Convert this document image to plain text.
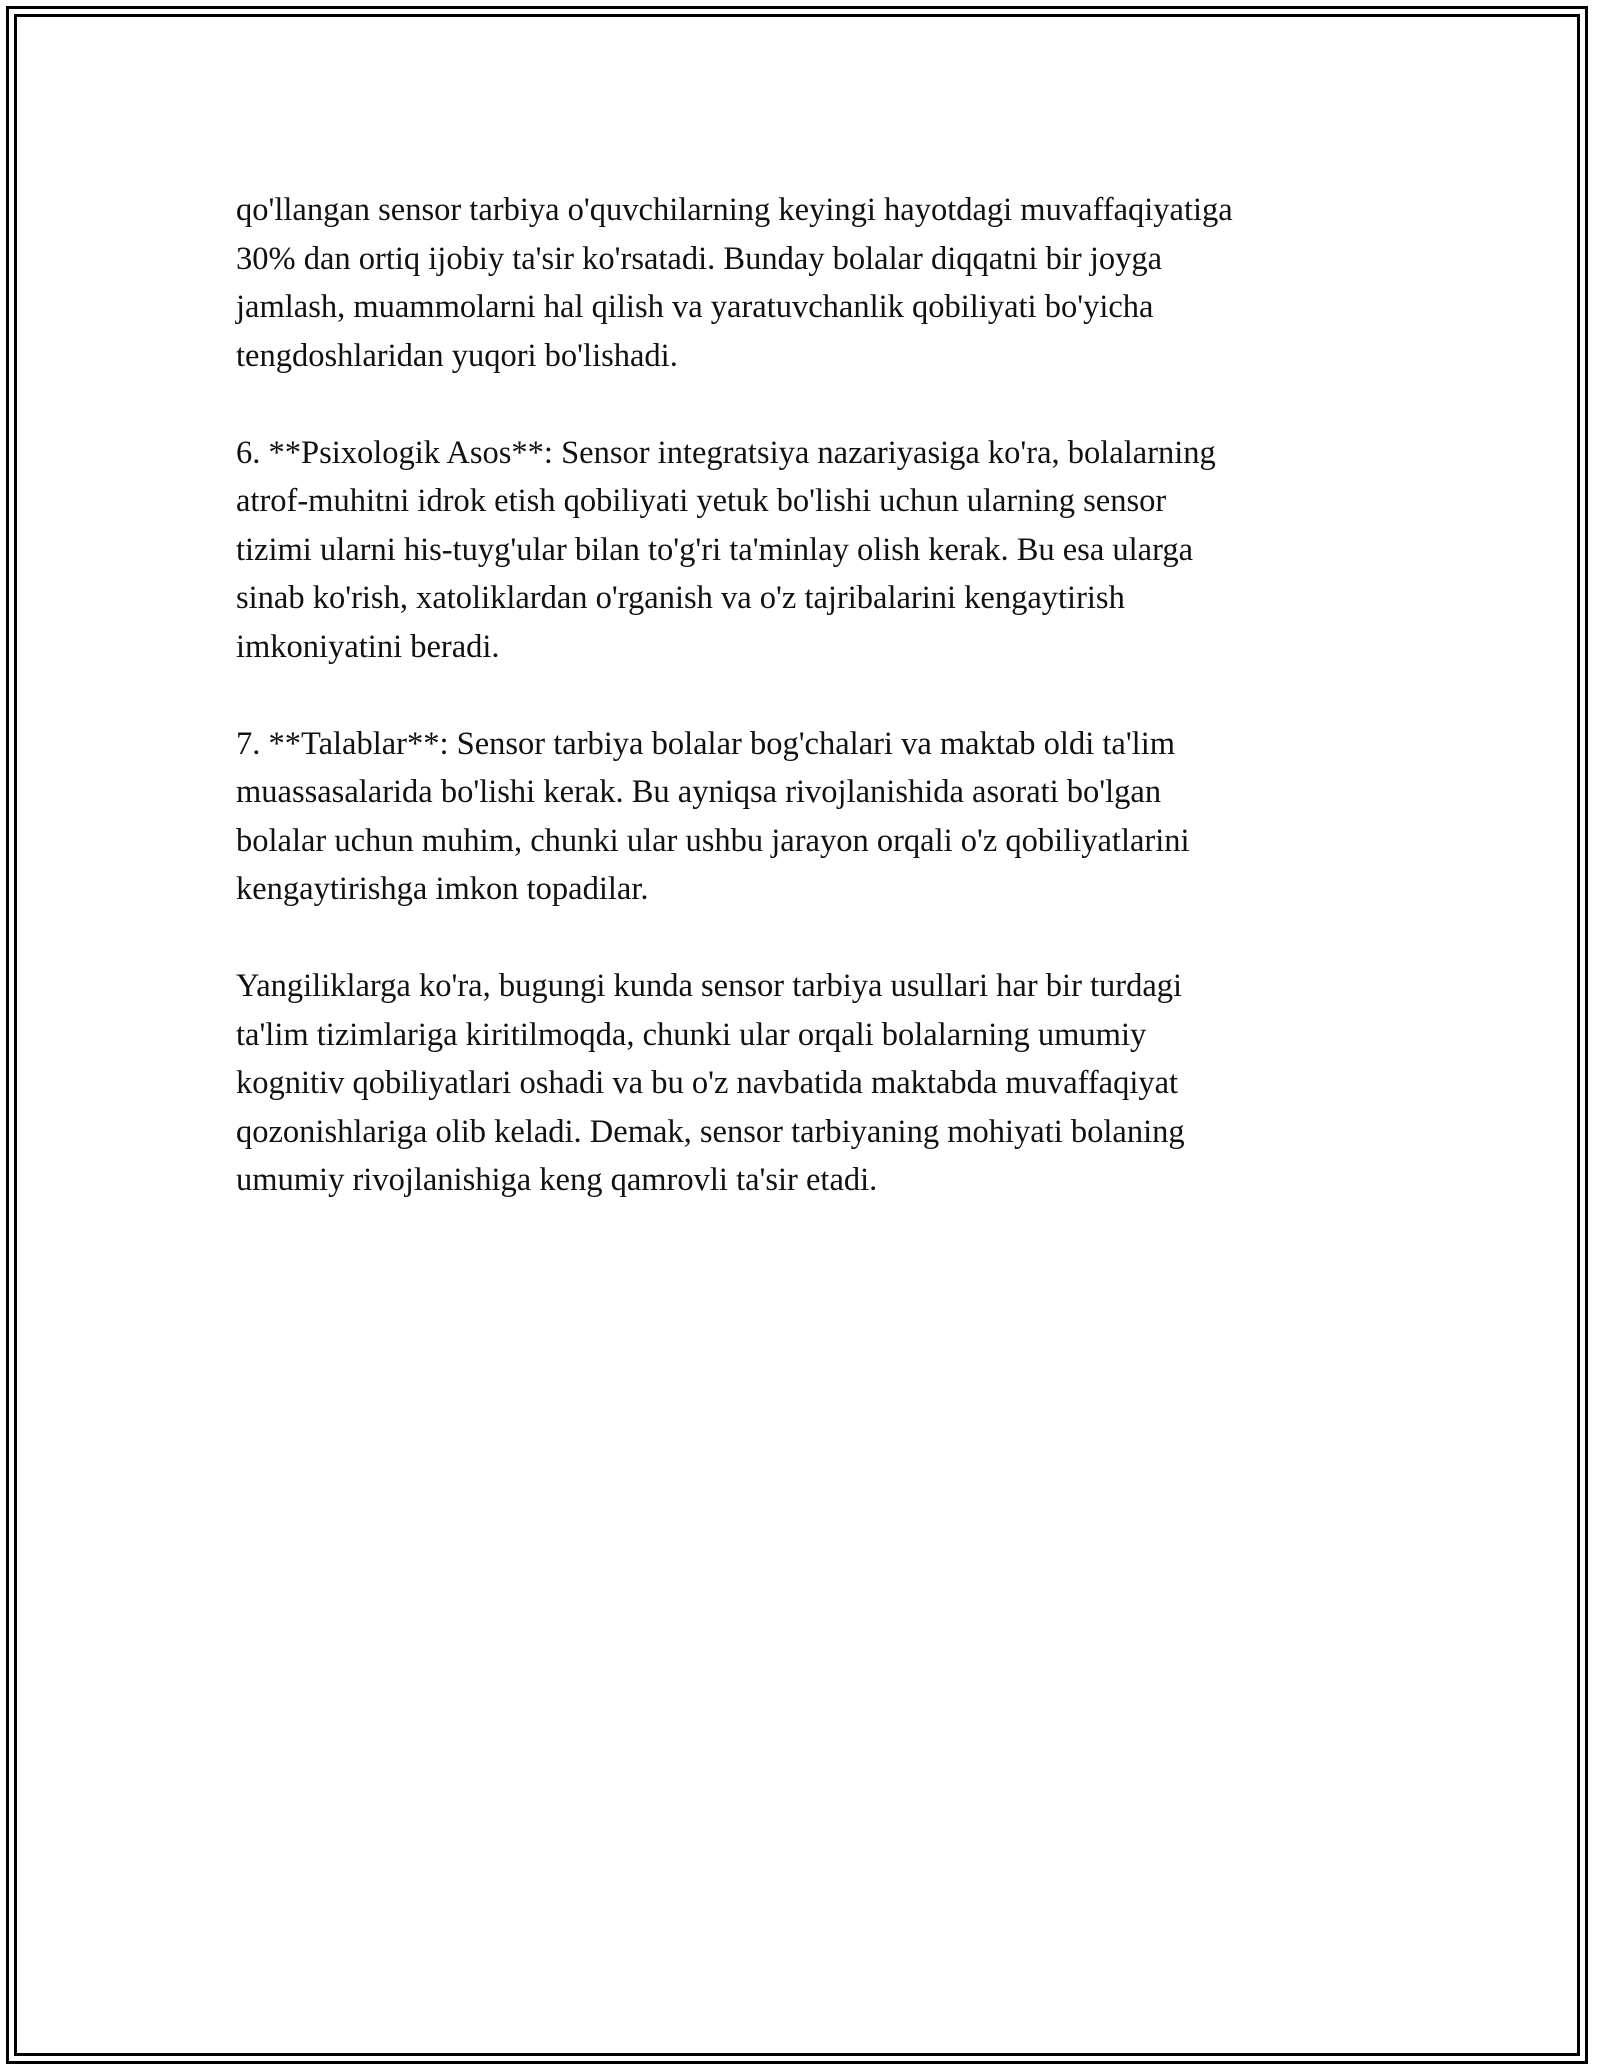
qo'llangan sensor tarbiya o'quvchilarning keyingi hayotdagi muvaffaqiyatiga
30% dan ortiq ijobiy ta'sir ko'rsatadi. Bunday bolalar diqqatni bir joyga
jamlash, muammolarni hal qilish va yaratuvchanlik qobiliyati bo'yicha
tengdoshlaridan yuqori bo'lishadi.

6. **Psixologik Asos**: Sensor integratsiya nazariyasiga ko'ra, bolalarning
atrof-muhitni idrok etish qobiliyati yetuk bo'lishi uchun ularning sensor
tizimi ularni his-tuyg'ular bilan to'g'ri ta'minlay olish kerak. Bu esa ularga
sinab ko'rish, xatoliklardan o'rganish va o'z tajribalarini kengaytirish
imkoniyatini beradi.

7. **Talablar**: Sensor tarbiya bolalar bog'chalari va maktab oldi ta'lim
muassasalarida bo'lishi kerak. Bu ayniqsa rivojlanishida asorati bo'lgan
bolalar uchun muhim, chunki ular ushbu jarayon orqali o'z qobiliyatlarini
kengaytirishga imkon topadilar.

Yangiliklarga ko'ra, bugungi kunda sensor tarbiya usullari har bir turdagi
ta'lim tizimlariga kiritilmoqda, chunki ular orqali bolalarning umumiy
kognitiv qobiliyatlari oshadi va bu o'z navbatida maktabda muvaffaqiyat
qozonishlariga olib keladi. Demak, sensor tarbiyaning mohiyati bolaning
umumiy rivojlanishiga keng qamrovli ta'sir etadi.
